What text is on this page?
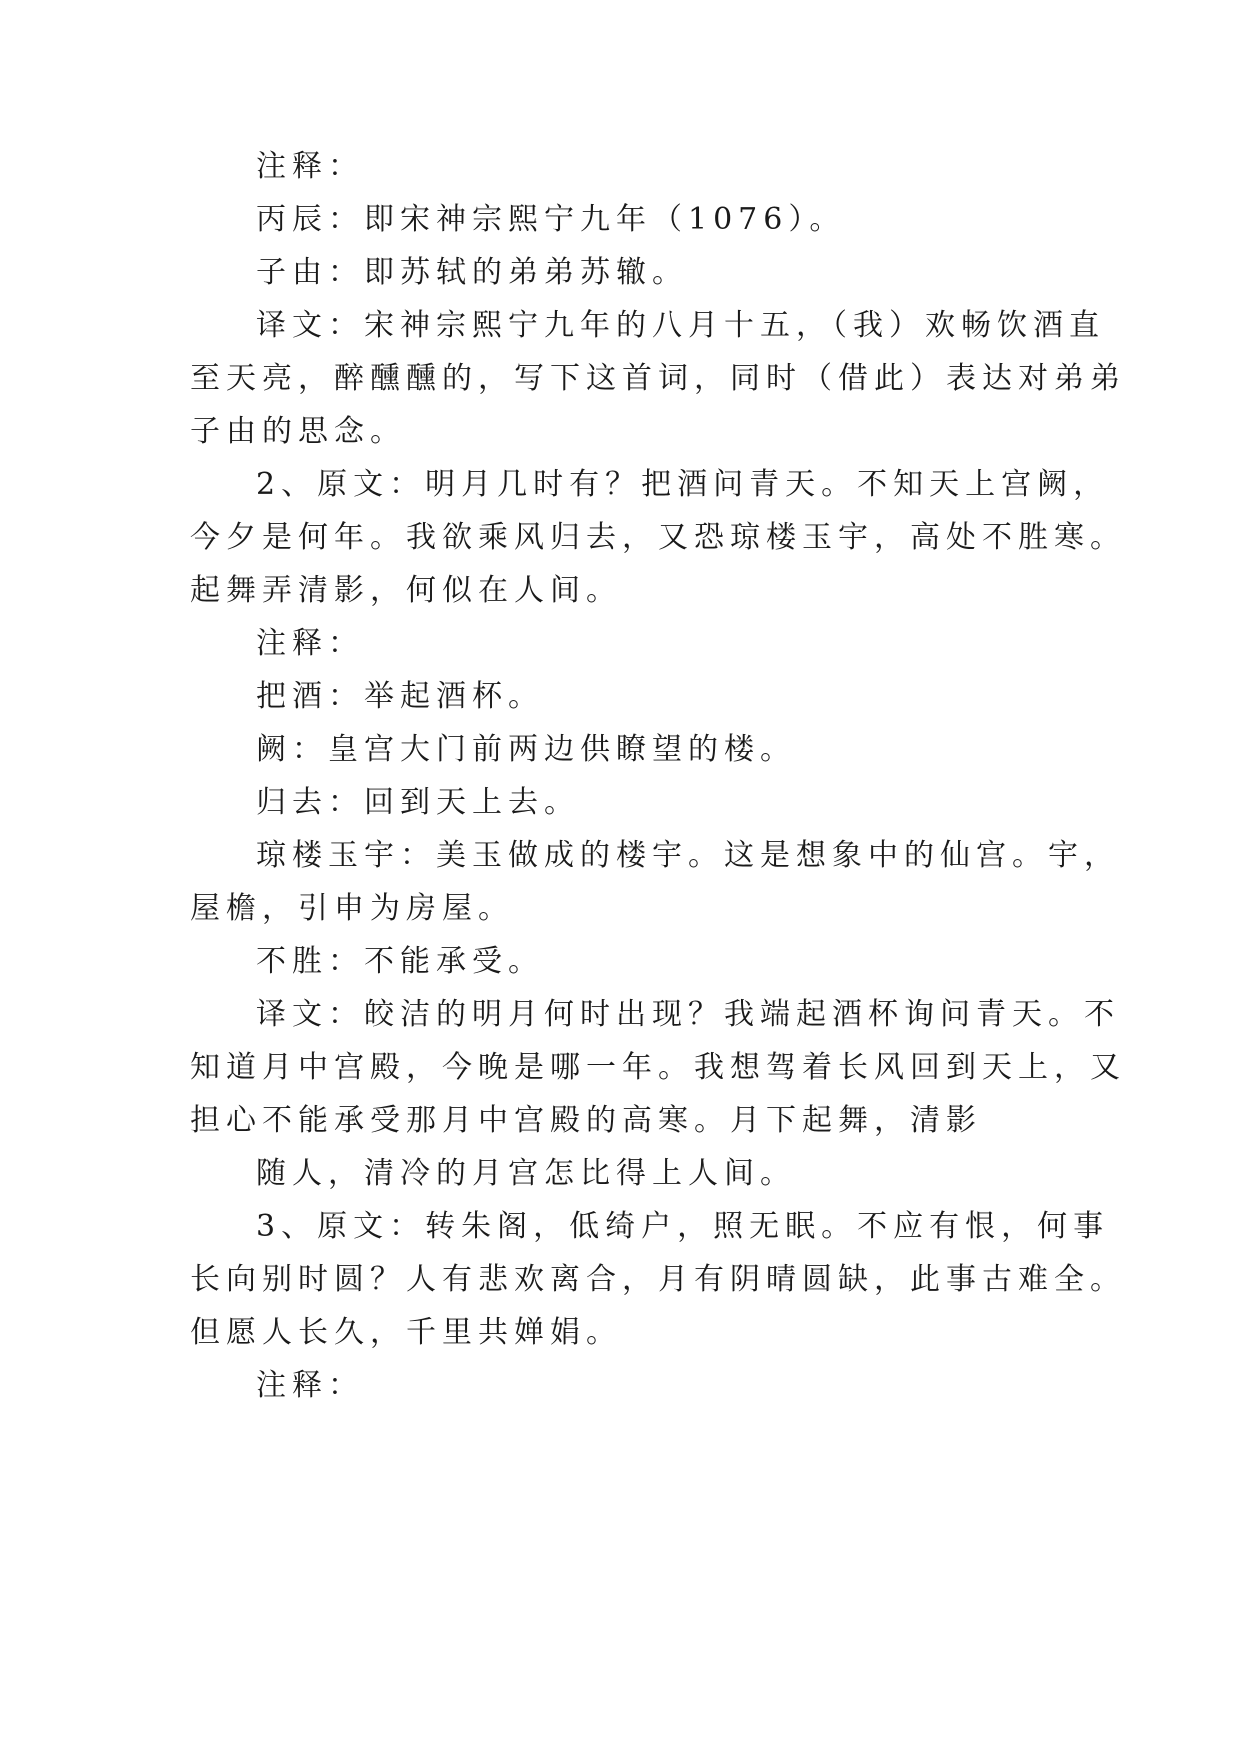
注释：
丙辰：即宋神宗熙宁九年（1076）。
子由：即苏轼的弟弟苏辙。
译文：宋神宗熙宁九年的八月十五，（我）欢畅饮酒直
至天亮，醉醺醺的，写下这首词，同时（借此）表达对弟弟
子由的思念。
2、原文：明月几时有？把酒问青天。不知天上宫阙，
今夕是何年。我欲乘风归去，又恐琼楼玉宇，高处不胜寒。
起舞弄清影，何似在人间。
注释：
把酒：举起酒杯。
阙：皇宫大门前两边供瞭望的楼。
归去：回到天上去。
琼楼玉宇：美玉做成的楼宇。这是想象中的仙宫。宇，
屋檐，引申为房屋。
不胜：不能承受。
译文：皎洁的明月何时出现？我端起酒杯询问青天。不
知道月中宫殿，今晚是哪一年。我想驾着长风回到天上，又
担心不能承受那月中宫殿的高寒。月下起舞，清影
随人，清冷的月宫怎比得上人间。
3、原文：转朱阁，低绮户，照无眠。不应有恨，何事
长向别时圆？人有悲欢离合，月有阴晴圆缺，此事古难全。
但愿人长久，千里共婵娟。
注释：
